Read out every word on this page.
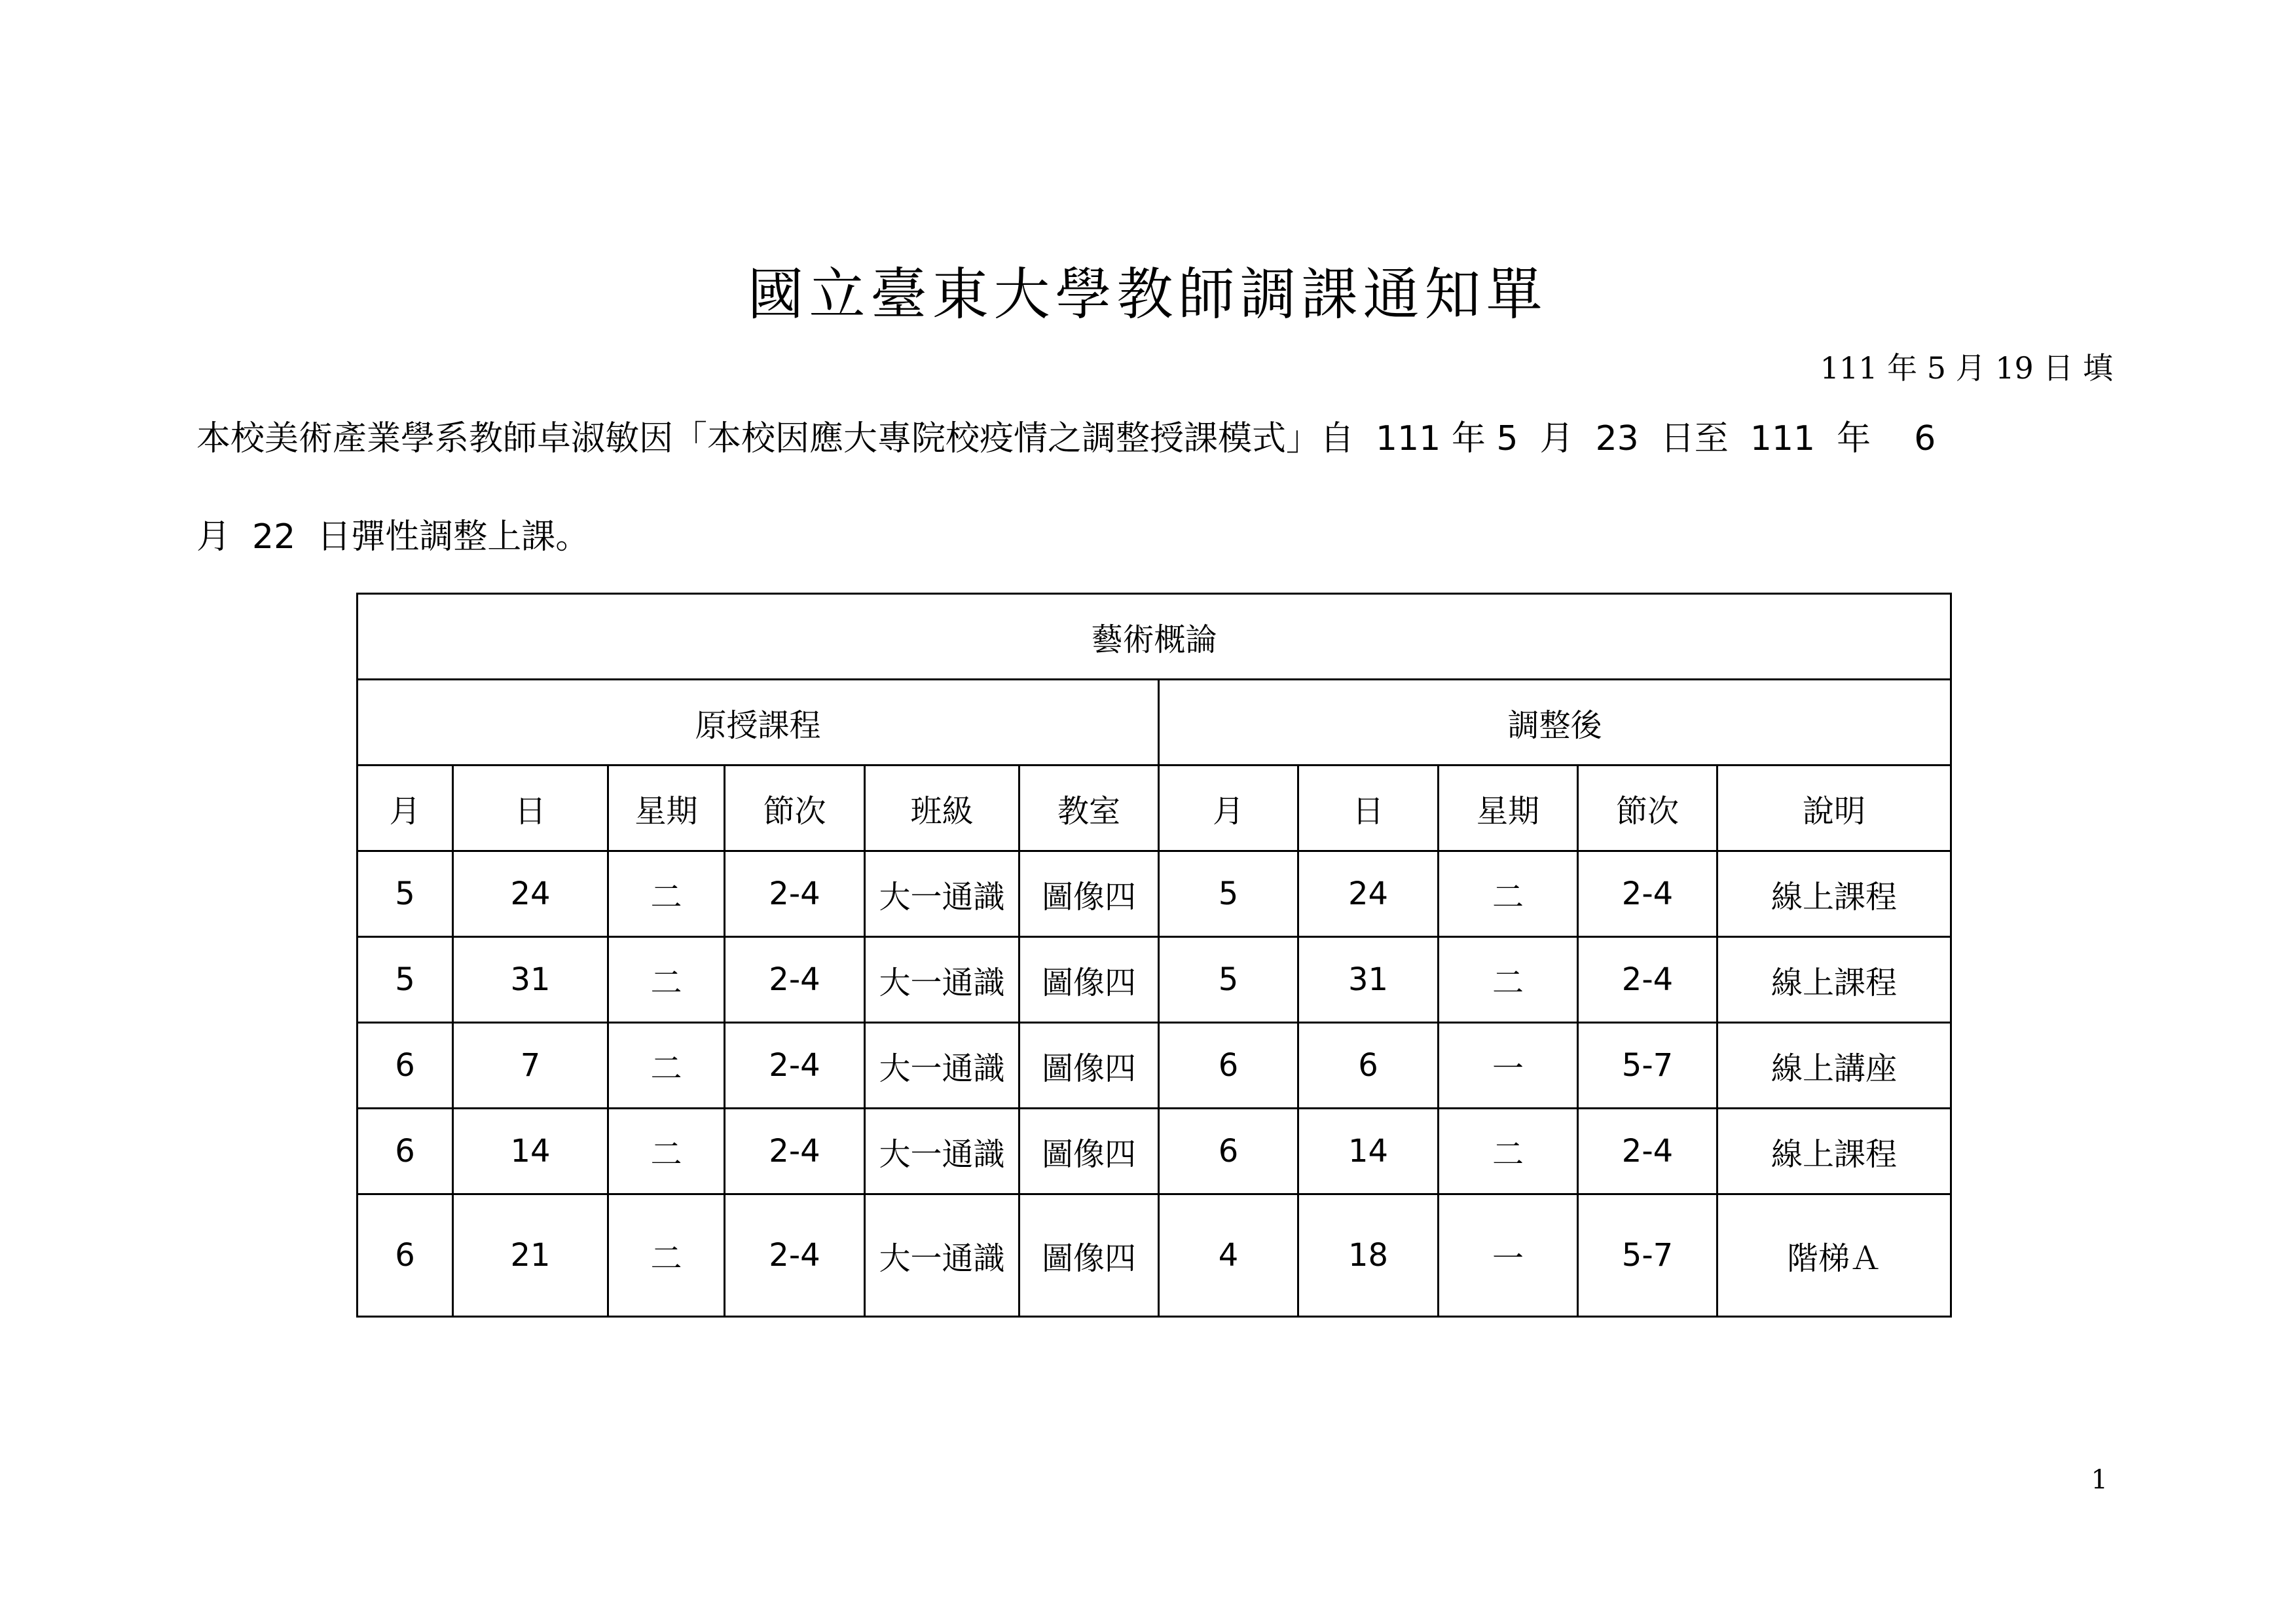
國立臺東大學教師調課通知單
111 年 5 月 19 日 填
本校美術產業學系教師卓淑敏因「本校因應大專院校疫情之調整授課模式」自  111 年 5  月  23  日至  111  年    6
月  22  日彈性調整上課。
藝術概論										
原授課程						調整後				
月	日	星期	節次	班級	教室	月	日	星期	節次	說明
5	24	二	2-4	大一通識	圖像四	5	24	二	2-4	線上課程
5	31	二	2-4	大一通識	圖像四	5	31	二	2-4	線上課程
6	7	二	2-4	大一通識	圖像四	6	6	一	5-7	線上講座
6	14	二	2-4	大一通識	圖像四	6	14	二	2-4	線上課程
6	21	二	2-4	大一通識	圖像四	4	18	一	5-7	階梯Ａ
1
